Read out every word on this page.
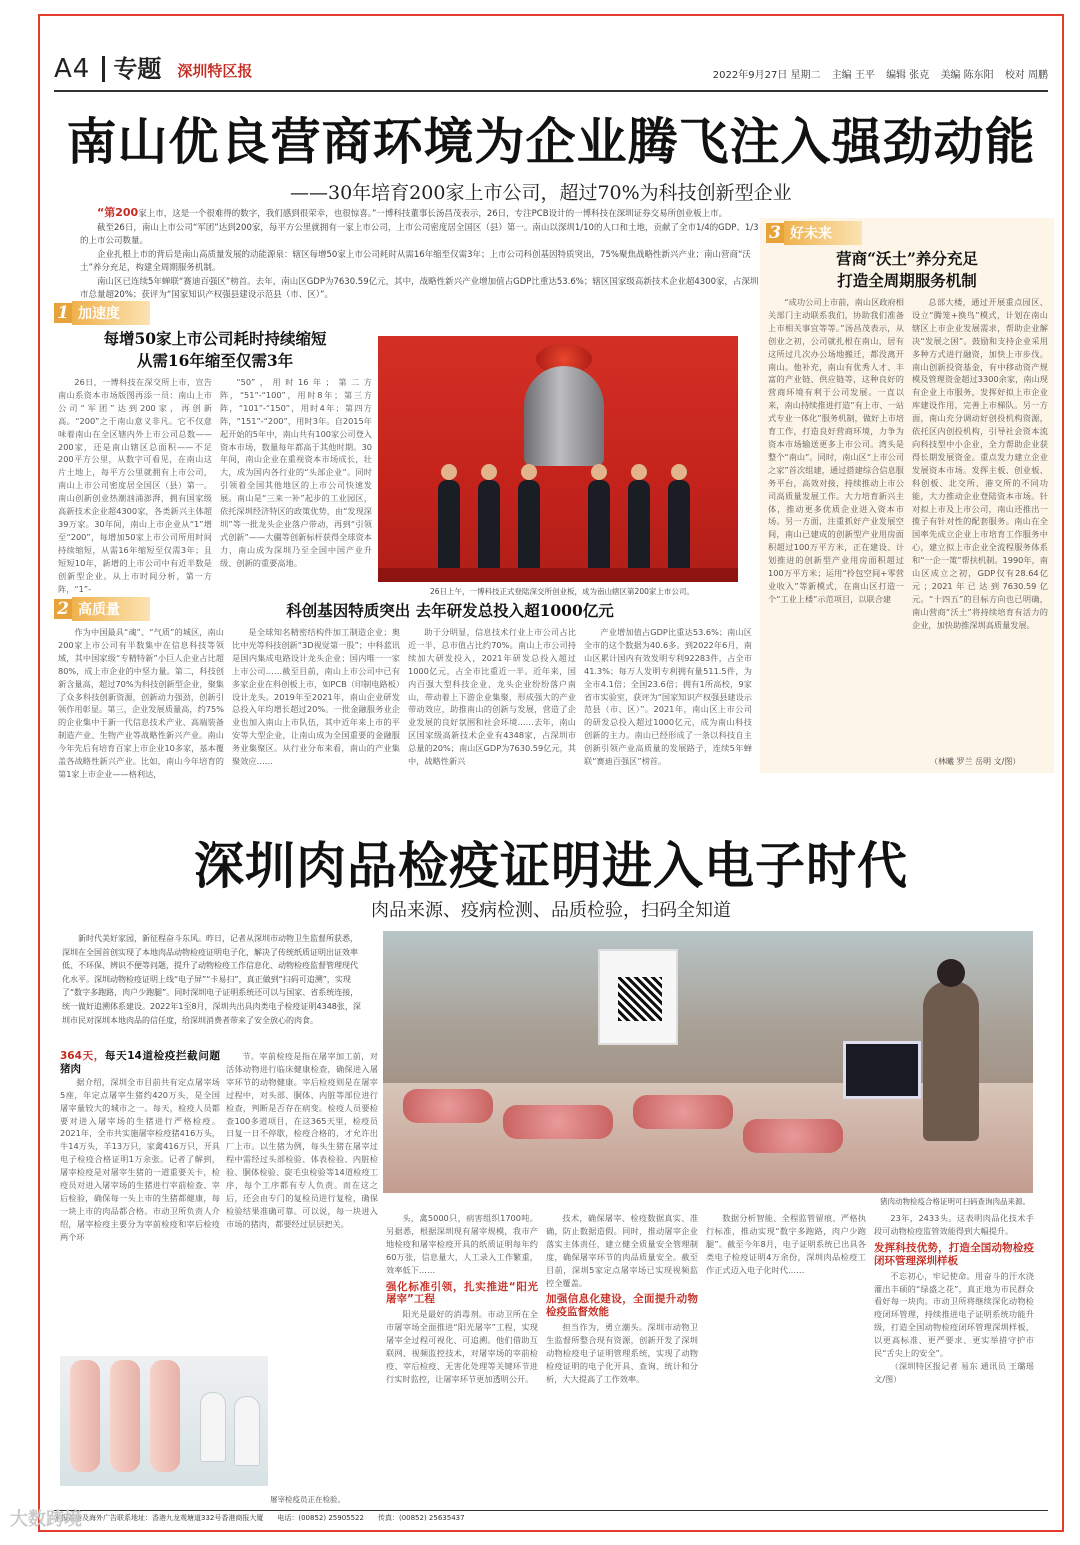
A4 专题 深圳特区报	2022年9月27日 星期二 主编 王平 编辑 张克 美编 陈东阳 校对 周鹏
南山优良营商环境为企业腾飞注入强劲动能
——30年培育200家上市公司，超过70%为科技创新型企业

“第200家上市，这是一个很难得的数字，我们感到很荣幸，也很惊喜。”一博科技董事长汤昌茂表示，26日，专注PCB设计的一博科技在深圳证券交易所创业板上市。

截至26日，南山上市公司“军团”达到200家，每平方公里就拥有一家上市公司，上市公司密度居全国区（县）第一。南山以深圳1/10的人口和土地，贡献了全市1/4的GDP、1/3的上市公司数量。

企业扎根上市的背后是南山高质量发展的动能源泉：辖区每增50家上市公司耗时从需16年缩至仅需3年；上市公司科创基因特质突出，75%聚焦战略性新兴产业；南山营商“沃土”养分充足，构建全周期服务机制。

南山区已连续5年蝉联“赛迪百强区”榜首。去年，南山区GDP为7630.59亿元，其中，战略性新兴产业增加值占GDP比重达53.6%；辖区国家级高新技术企业超4300家，占深圳市总量超20%；获评为“国家知识产权强县建设示范县（市、区）”。

1 加速度
每增50家上市公司耗时持续缩短
从需16年缩至仅需3年

26日，一博科技在深交所上市，宣告南山系资本市场版图再添一员：南山上市公司“军团”达到200家，再创新高。“200”之于南山意义非凡。它不仅意味着南山在全区辖内外上市公司总数——200家，还是南山辖区总面积——不足200平方公里，从数字可看见，在南山这片土地上，每平方公里就拥有上市公司，南山上市公司密度居全国区（县）第一。南山创新创业热潮汹涌澎湃，拥有国家级高新技术企业超4300家，各类新兴主体超39万家。30年间，南山上市企业从“1”增至“200”，每增加50家上市公司所用时间持续缩短，从需16年缩短至仅需3年；且短短10年，新增的上市公司中有近半数是创新型企业。从上市时间分析，第一方阵，“1”-

“50”，用时16年；第二方阵，“51”-“100”，用时8年；第三方阵，“101”-“150”，用时4年；第四方阵，“151”-“200”，用时3年。自2015年起开始的5年中，南山共有100家公司登入资本市场，数量每年都高于其他时期。30年间，南山企业在重视资本市场成长，壮大，成为国内各行业的“头部企业”。同时引领着全国其他地区的上市公司快速发展。南山是“三来一补”起步的工业园区，依托深圳经济特区的政策优势，由“发现深圳”等一批龙头企业落户带动，再到“引领式创新”——大疆等创新标杆获得全球资本力，南山成为深圳乃至全国中国产业升级、创新的重要高地。

26日上午，一博科技正式登陆深交所创业板，成为南山辖区第200家上市公司。
2 高质量	科创基因特质突出 去年研发总投入超1000亿元

作为中国最具“魂”、“气质”的城区，南山200家上市公司有半数集中在信息科技等领域，其中国家级“专精特新”小巨人企业占比超80%，成上市企业的中坚力量。第二，科技创新含量高，超过70%为科技创新型企业，聚集了众多科技创新资源，创新动力强劲，创新引领作用彰显。第三，企业发展质量高，约75%的企业集中于新一代信息技术产业、高端装备制造产业、生物产业等战略性新兴产业。南山今年先后有培育百家上市企业10多家，基本覆盖各战略性新兴产业。比如，南山今年培育的第1家上市企业——格利达，

是全球知名精密结构件加工制造企业；奥比中光等科技创新“3D视觉第一股”；中科蓝讯是国内集成电路设计龙头企业；国内唯一一家上市公司……截至目前，南山上市公司中已有多家企业在科创板上市，如PCB（印制电路板）设计龙头。2019年至2021年，南山企业研发总投入年均增长超过20%。一批金融服务业企业也加入南山上市队伍，其中近年来上市的平安等大型企业，让南山成为全国重要的金融服务业集聚区。从行业分布来看，南山的产业集聚效应……

助于分明显，信息技术行业上市公司占比近一半，总市值占比约70%。南山上市公司持续加大研发投入，2021年研发总投入超过1000亿元，占全市比重近一半。近年来，国内百强大型科技企业、龙头企业纷纷落户南山，带动着上下游企业集聚，形成强大的产业带动效应，助推南山的创新与发展，营造了企业发展的良好氛围和社会环境……去年，南山区国家级高新技术企业有4348家，占深圳市总量的20%；南山区GDP为7630.59亿元，其中，战略性新兴

产业增加值占GDP比重达53.6%；南山区全市的这个数据为40.6多。到2022年6月，南山区累计国内有效发明专利92283件，占全市41.3%；每万人发明专利拥有量511.5件，为全市4.1倍；全国23.6倍；拥有1所高校，9家省市实验室，获评为“国家知识产权强县建设示范县（市、区）”。2021年，南山区上市公司的研发总投入超过1000亿元，成为南山科技创新的主力。南山已经形成了一条以科技自主创新引领产业高质量的发展路子，连续5年蝉联“赛迪百强区”榜首。

3 好未来
营商“沃土”养分充足
打造全周期服务机制

“成功公司上市前，南山区政府相关部门主动联系我们，协助我们准备上市相关事宜等等。”汤昌茂表示，从创业之初，公司就扎根在南山，居有这所过几次办公场地搬迁，都没离开南山。他补充，南山有优秀人才、丰富的产业链、供应链等，这种良好的营商环境有利于公司发展。一直以来，南山持续推进打造“有上市、一站式专业一体化”服务机制，做好上市培育工作，打造良好营商环境，力争为资本市场输送更多上市公司。湾头是整个“南山”。同时，南山区“上市公司之家”首次组建，通过搭建综合信息服务平台，高效对接，持续推动上市公司高质量发展工作。大力培育新兴主体，推动更多优质企业进入资本市场。另一方面，注重抓好产业发展空间，南山已建成的创新型产业用房面积超过100万平方米，正在建设、计划推进的创新型产业用房面积超过100万平方米；运用“拎包空间+零营业收入”等新模式，在南山区打造一个“工业上楼”示范项目，以联合建

总部大楼，通过开展重点园区、设立“腾笼+换鸟”模式，计划在南山辖区上市企业发展需求，帮助企业解决“发展之困”。鼓励和支持企业采用多种方式进行融资，加快上市步伐。南山创新投资基金，有中移动资产规模及管理资金超过3300余家，南山现有企业上市服务，发挥好拟上市企业库建设作用，完善上市梯队。另一方面，南山充分调动好创投机构资源，依托区内创投机构，引导社会资本流向科技型中小企业，全力帮助企业获得长期发展资金。重点发力建立企业发展资本市场。发挥主板、创业板、科创板、北交所、港交所的不同功能，大力推动企业登陆资本市场。针对拟上市及上市公司，南山还推出一揽子有针对性的配套服务。南山在全国率先成立企业上市培育工作服务中心，建立拟上市企业全流程服务体系和“一企一策”帮扶机制。1990年，南山区成立之初，GDP仅有28.64亿元；2021年已达到7630.59亿元。“十四五”的目标方向也已明确，南山营商“沃土”将持续培育有活力的企业，加快助推深圳高质量发展。

（林曦 罗兰 岳明 文/图）
深圳肉品检疫证明进入电子时代
肉品来源、疫病检测、品质检验，扫码全知道

新时代美好家园，新征程奋斗东风。昨日，记者从深圳市动物卫生监督所获悉，深圳在全国首创实现了本地肉品动物检疫证明电子化，解决了传统纸质证明出证效率低、不环保、辨识不便等问题，提升了动物检疫工作信息化、动物检疫监督管理现代化水平。深圳动物检疫证明上线“电子屏”“卡易扫”，真正做到“扫码可追溯”，实现了“数字多跑路，肉户少跑腿”。同时深圳电子证明系统还可以与国家、省系统连接，统一做好追溯体系建设。2022年1至8月，深圳共出具肉类电子检疫证明4348张，深圳市民对深圳本地肉品的信任度，给深圳消费者带来了安全放心的肉食。

猪肉动物检疫合格证明可扫码查询肉品来源。
364天，每天14道检疫拦截问题猪肉

据介绍，深圳全市目前共有定点屠宰场5座，年定点屠宰生猪约420万头，是全国屠宰量较大的城市之一。每天，检疫人员都要对进入屠宰场的生猪进行严格检疫。2021年，全市共实施屠宰检疫猪416万头，牛14万头，羊13万只，家禽416万只，开具电子检疫合格证明1万余张。记者了解到，屠宰检疫是对屠宰生猪的一道重要关卡，检疫员对进入屠宰场的生猪进行宰前检查、宰后检验，确保每一头上市的生猪都健康，每一块上市的肉品都合格。市动卫所负责人介绍，屠宰检疫主要分为宰前检疫和宰后检疫两个环

节。宰前检疫是指在屠宰加工前，对活体动物进行临床健康检查，确保进入屠宰环节的动物健康。宰后检疫则是在屠宰过程中，对头部、胴体、内脏等部位进行检查，判断是否存在病变。检疫人员要检查100多道项目，在这365天里，检疫员日复一日不停歇，检疫合格的，才允许出厂上市。以生猪为例，每头生猪在屠宰过程中需经过头部检验、体表检验、内脏检验、胴体检验、旋毛虫检验等14道检疫工序，每个工序都有专人负责。而在这之后，还会由专门的复检员进行复检，确保检验结果准确可靠。可以说，每一块进入市场的猪肉，都要经过层层把关。

头，禽5000只，病害组织1700吨。另据悉，根据深圳现有屠宰规模，我市产地检疫和屠宰检疫开具的纸质证明每年约60万张，信息量大，人工录入工作繁重，效率低下……

强化标准引领，扎实推进“阳光屠宰”工程

阳光是最好的消毒剂。市动卫所在全市屠宰场全面推进“阳光屠宰”工程，实现屠宰全过程可视化、可追溯。他们借助互联网、视频监控技术，对屠宰场的宰前检疫、宰后检疫、无害化处理等关键环节进行实时监控，让屠宰环节更加透明公开。

技术，确保屠宰、检疫数据真实、准确，防止数据造假。同时，推动屠宰企业落实主体责任，建立健全质量安全管理制度，确保屠宰环节的肉品质量安全。截至目前，深圳5家定点屠宰场已实现视频监控全覆盖。

加强信息化建设，全面提升动物检疫监督效能

担当作为，勇立潮头。深圳市动物卫生监督所整合现有资源，创新开发了深圳动物检疫电子证明管理系统，实现了动物检疫证明的电子化开具、查询、统计和分析，大大提高了工作效率。

数据分析智能、全程监管留痕、严格执行标准，推动实现“数字多跑路，肉户少跑腿”。截至今年8月，电子证明系统已出具各类电子检疫证明4万余份，深圳肉品检疫工作正式迈入电子化时代……

23年，2433头。这表明肉品化技术手段可动物检疫监管效能得到大幅提升。

发挥科技优势，打造全国动物检疫闭环管理深圳样板

不忘初心，牢记使命。用奋斗的汗水浇灌出丰硕的“绿盛之花”，真正地为市民群众看好每一块肉。市动卫所将继续深化动物检疫闭环管理，持续推进电子证明系统功能升级，打造全国动物检疫闭环管理深圳样板，以更高标准、更严要求、更实举措守护市民“舌尖上的安全”。

（深圳特区报记者 易东 通讯员 王璐瑶 文/图）

屠宰检疫员正在检验。
本报香港及海外广告联系地址：香港九龙观塘道332号香港商报大厦 电话：(00852) 25905522 传真：(00852) 25635437
大数跨境
